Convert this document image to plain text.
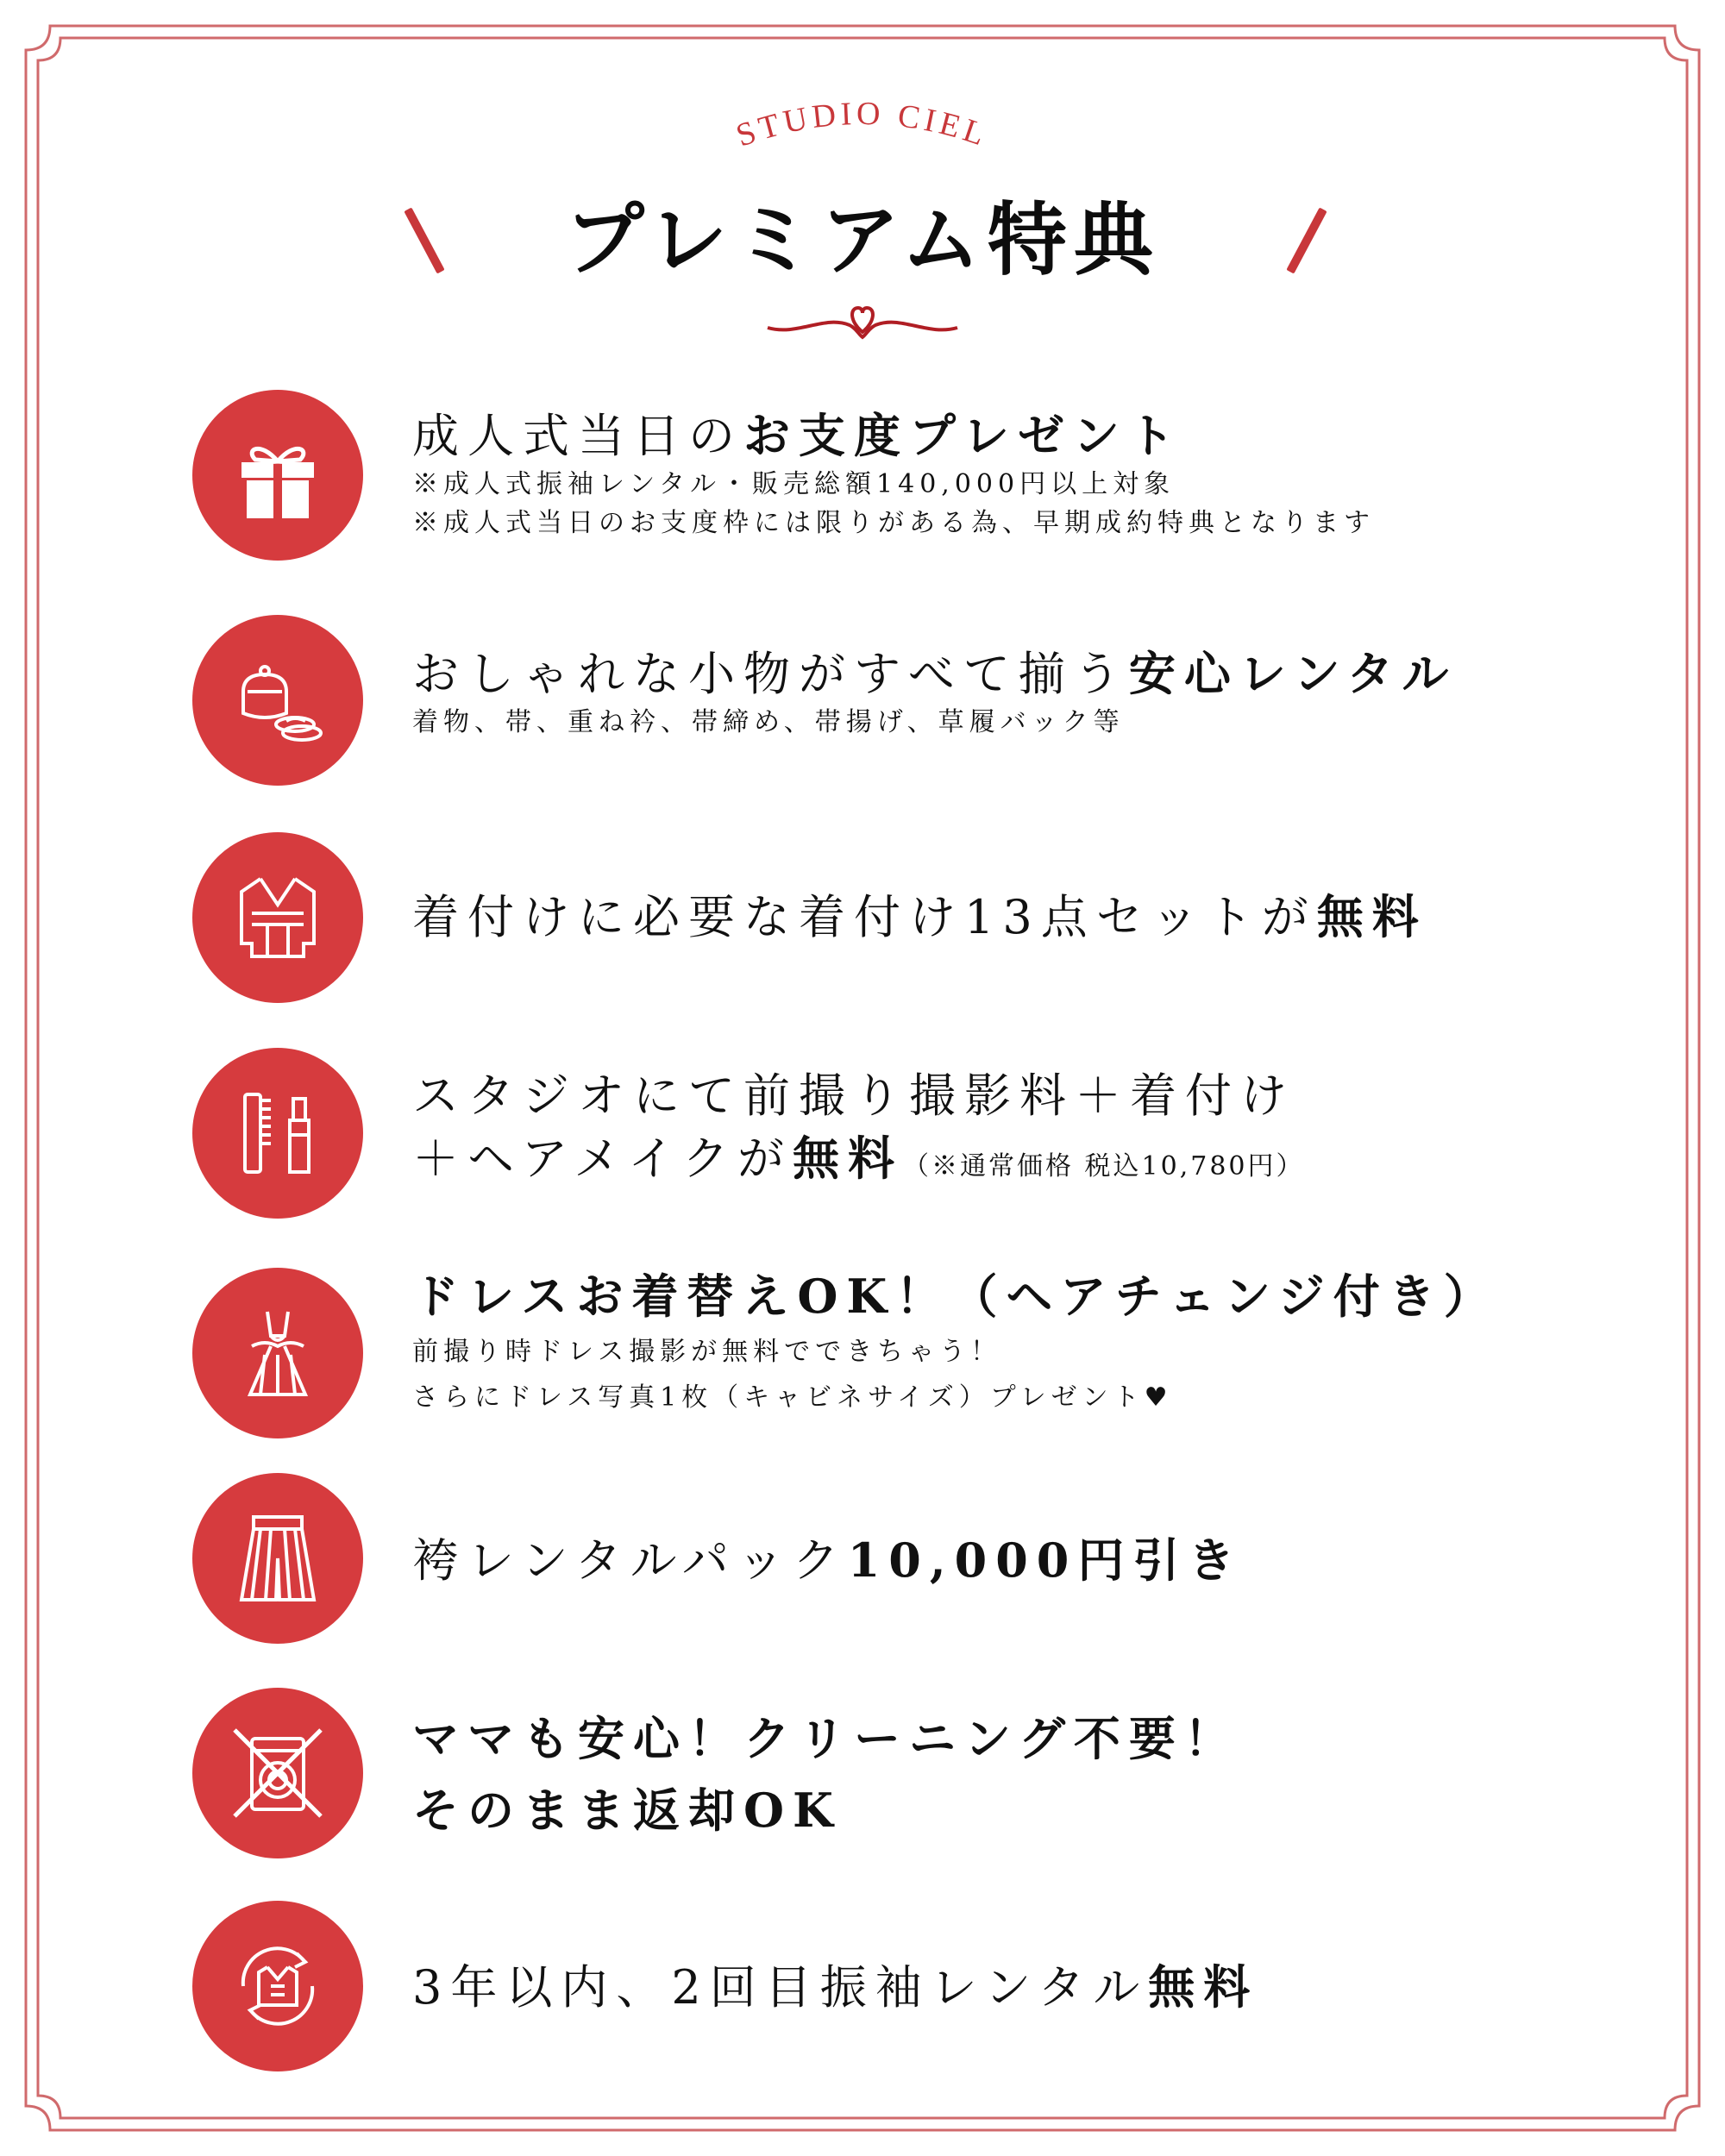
STUDIO CIEL
プレミアム特典
成人式当日のお支度プレゼント
※成人式振袖レンタル・販売総額140,000円以上対象
※成人式当日のお支度枠には限りがある為、早期成約特典となります
おしゃれな小物がすべて揃う安心レンタル
着物、帯、重ね衿、帯締め、帯揚げ、草履バック等
着付けに必要な着付け13点セットが無料
スタジオにて前撮り撮影料＋着付け
＋ヘアメイクが無料（※通常価格 税込10,780円）
ドレスお着替えOK！（ヘアチェンジ付き）
前撮り時ドレス撮影が無料でできちゃう！
さらにドレス写真1枚（キャビネサイズ）プレゼント♥
袴レンタルパック10,000円引き
ママも安心！クリーニング不要！
そのまま返却OK
3年以内、2回目振袖レンタル無料
